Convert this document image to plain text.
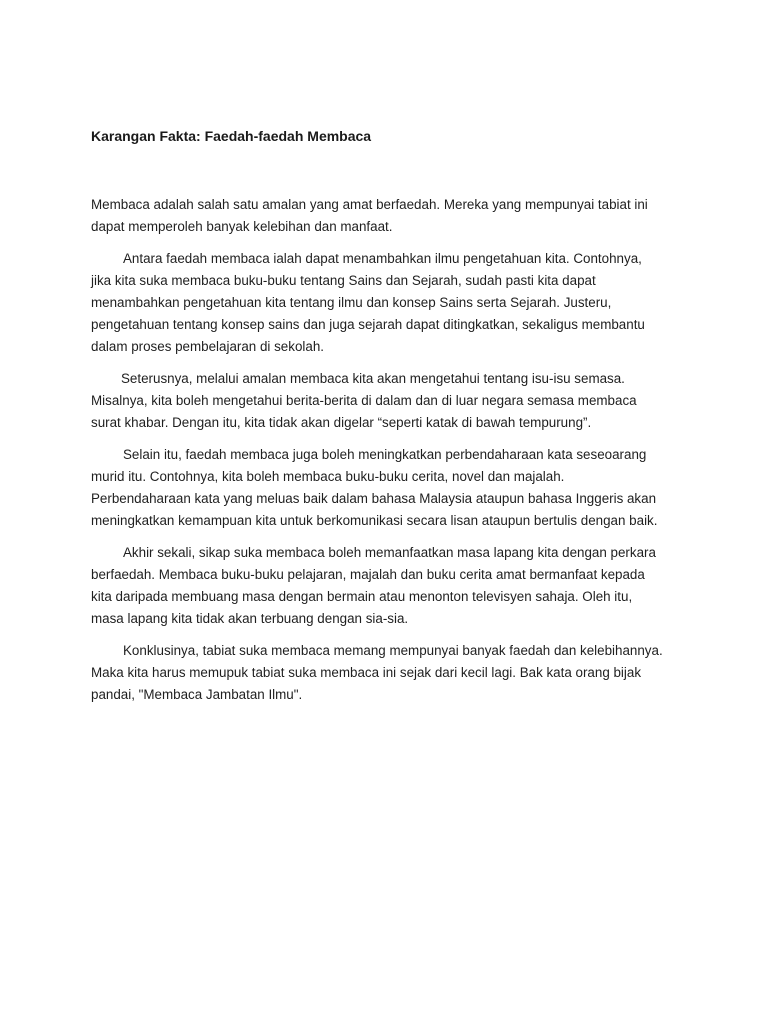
Karangan Fakta: Faedah-faedah Membaca

Membaca adalah salah satu amalan yang amat berfaedah. Mereka yang mempunyai tabiat ini
dapat memperoleh banyak kelebihan dan manfaat.

Antara faedah membaca ialah dapat menambahkan ilmu pengetahuan kita. Contohnya,
jika kita suka membaca buku-buku tentang Sains dan Sejarah, sudah pasti kita dapat
menambahkan pengetahuan kita tentang ilmu dan konsep Sains serta Sejarah. Justeru,
pengetahuan tentang konsep sains dan juga sejarah dapat ditingkatkan, sekaligus membantu
dalam proses pembelajaran di sekolah.

Seterusnya, melalui amalan membaca kita akan mengetahui tentang isu-isu semasa.
Misalnya, kita boleh mengetahui berita-berita di dalam dan di luar negara semasa membaca
surat khabar. Dengan itu, kita tidak akan digelar “seperti katak di bawah tempurung”.

Selain itu, faedah membaca juga boleh meningkatkan perbendaharaan kata seseoarang
murid itu. Contohnya, kita boleh membaca buku-buku cerita, novel dan majalah.
Perbendaharaan kata yang meluas baik dalam bahasa Malaysia ataupun bahasa Inggeris akan
meningkatkan kemampuan kita untuk berkomunikasi secara lisan ataupun bertulis dengan baik.

Akhir sekali, sikap suka membaca boleh memanfaatkan masa lapang kita dengan perkara
berfaedah. Membaca buku-buku pelajaran, majalah dan buku cerita amat bermanfaat kepada
kita daripada membuang masa dengan bermain atau menonton televisyen sahaja. Oleh itu,
masa lapang kita tidak akan terbuang dengan sia-sia.

Konklusinya, tabiat suka membaca memang mempunyai banyak faedah dan kelebihannya.
Maka kita harus memupuk tabiat suka membaca ini sejak dari kecil lagi. Bak kata orang bijak
pandai, "Membaca Jambatan Ilmu".
